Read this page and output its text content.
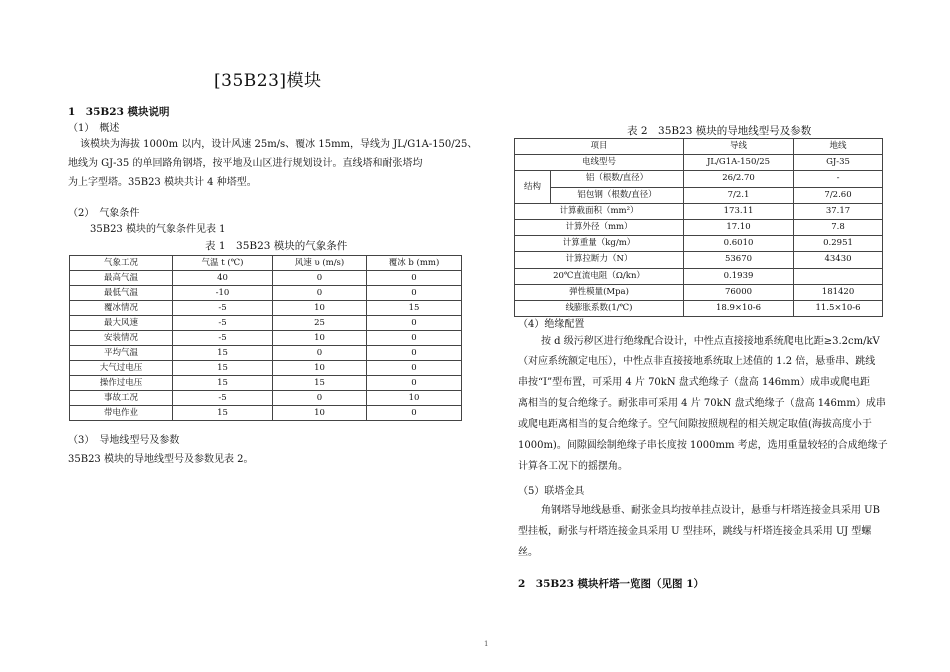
[35B23]模块
1　35B23 模块说明
（1）　概述
该模块为海拔 1000m 以内，设计风速 25m/s、覆冰 15mm，导线为 JL/G1A-150/25、
地线为 GJ-35 的单回路角钢塔，按平地及山区进行规划设计。直线塔和耐张塔均
为上字型塔。35B23 模块共计 4 种塔型。
（2）　气象条件
35B23 模块的气象条件见表 1
表 1　35B23 模块的气象条件
气象工况	气温 t (℃)	风速 υ (m/s)	覆冰 b (mm)
最高气温	40	0	0
最低气温	-10	0	0
覆冰情况	-5	10	15
最大风速	-5	25	0
安装情况	-5	10	0
平均气温	15	0	0
大气过电压	15	10	0
操作过电压	15	15	0
事故工况	-5	0	10
带电作业	15	10	0
（3）　导地线型号及参数
35B23 模块的导地线型号及参数见表 2。
表 2　35B23 模块的导地线型号及参数
项目		导线	地线
电线型号		JL/G1A-150/25	GJ-35
结构	铝（根数/直径）	26/2.70	-
	铝包钢（根数/直径）	7/2.1	7/2.60
计算截面积（mm²）		173.11	37.17
计算外径（mm）		17.10	7.8
计算重量（kg/m）		0.6010	0.2951
计算拉断力（N）		53670	43430
20℃直流电阻（Ω/kn）		0.1939	
弹性模量(Mpa)		76000	181420
线膨胀系数(1/℃)		18.9×10-6	11.5×10-6
（4）绝缘配置
按 d 级污秽区进行绝缘配合设计，中性点直接接地系统爬电比距≥3.2cm/kV
（对应系统额定电压），中性点非直接接地系统取上述值的 1.2 倍，悬垂串、跳线
串按“I”型布置，可采用 4 片 70kN 盘式绝缘子（盘高 146mm）成串或爬电距
离相当的复合绝缘子。耐张串可采用 4 片 70kN 盘式绝缘子（盘高 146mm）成串
或爬电距离相当的复合绝缘子。空气间隙按照规程的相关规定取值(海拔高度小于
1000m)。间隙圆绘制绝缘子串长度按 1000mm 考虑，选用重量较轻的合成绝缘子
计算各工况下的摇摆角。
（5）联塔金具
角钢塔导地线悬垂、耐张金具均按单挂点设计，悬垂与杆塔连接金具采用 UB
型挂板，耐张与杆塔连接金具采用 U 型挂环，跳线与杆塔连接金具采用 UJ 型螺
丝。
2　35B23 模块杆塔一览图（见图 1）
1
